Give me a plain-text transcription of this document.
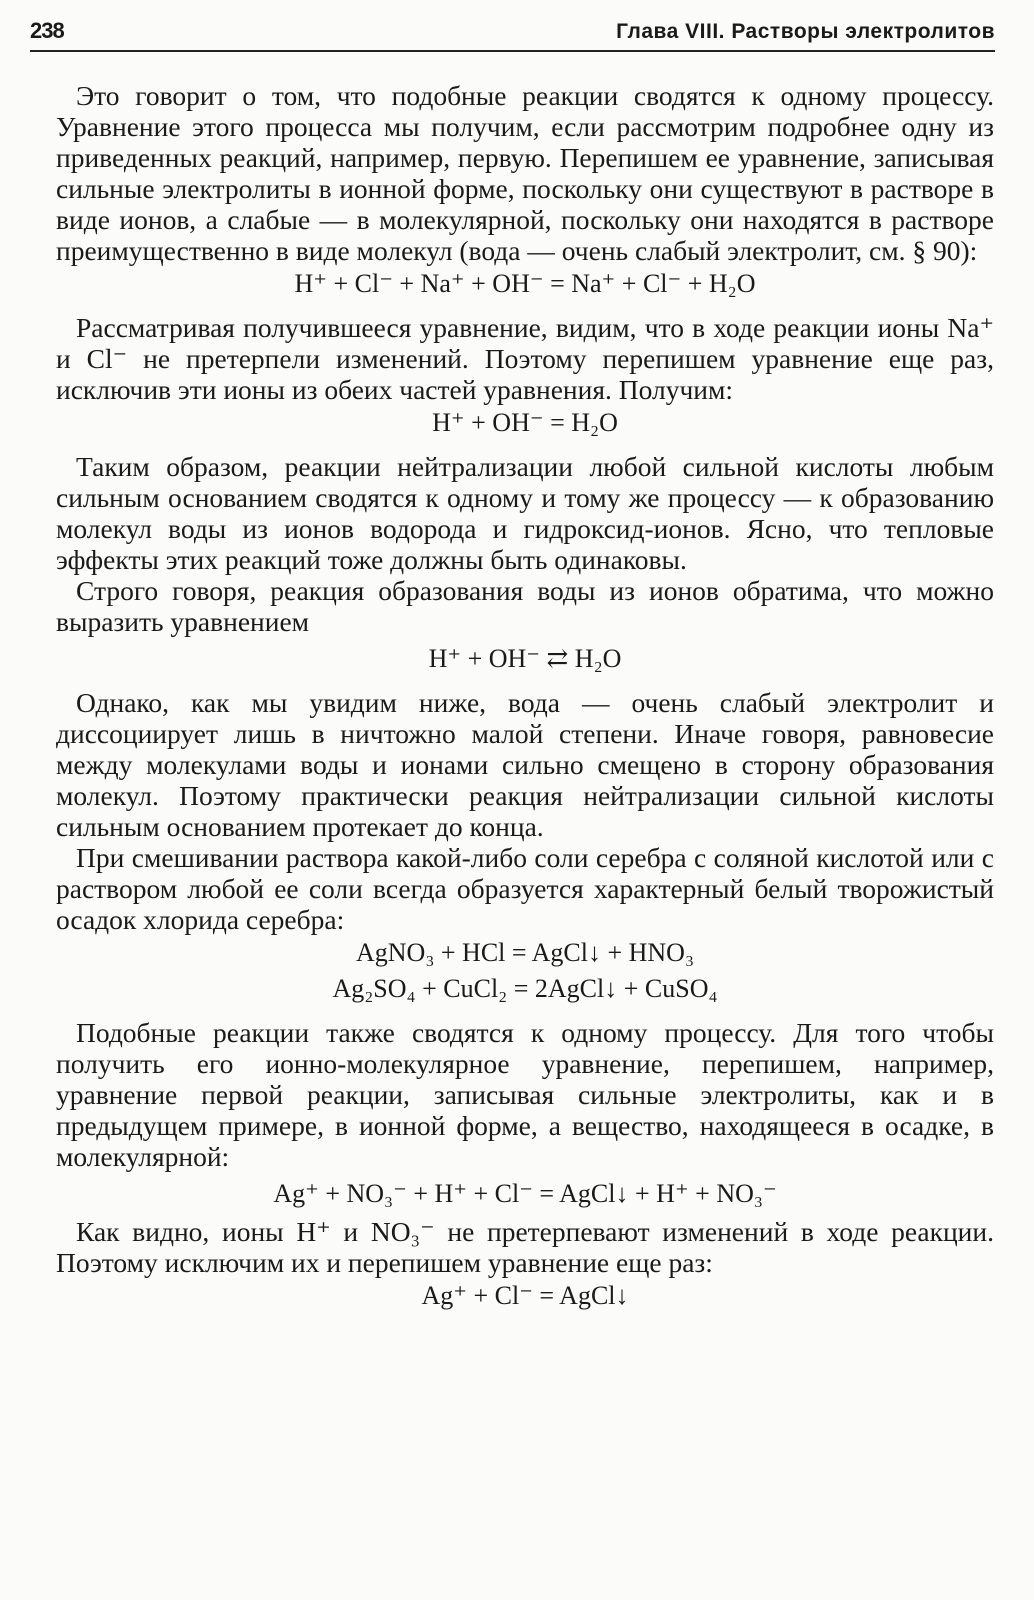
238	Глава VIII. Растворы электролитов

Это говорит о том, что подобные реакции сводятся к одному процессу. Уравнение этого процесса мы получим, если рассмотрим подробнее одну из приведенных реакций, например, первую. Перепишем ее уравнение, записывая сильные электролиты в ионной форме, поскольку они существуют в растворе в виде ионов, а слабые — в молекулярной, поскольку они находятся в растворе преимущественно в виде молекул (вода — очень слабый электролит, см. § 90):

H⁺ + Cl⁻ + Na⁺ + OH⁻ = Na⁺ + Cl⁻ + H₂O

Рассматривая получившееся уравнение, видим, что в ходе реакции ионы Na⁺ и Cl⁻ не претерпели изменений. Поэтому перепишем уравнение еще раз, исключив эти ионы из обеих частей уравнения. Получим:

H⁺ + OH⁻ = H₂O

Таким образом, реакции нейтрализации любой сильной кислоты любым сильным основанием сводятся к одному и тому же процессу — к образованию молекул воды из ионов водорода и гидроксид-ионов. Ясно, что тепловые эффекты этих реакций тоже должны быть одинаковы.

Строго говоря, реакция образования воды из ионов обратима, что можно выразить уравнением

H⁺ + OH⁻ ⇄ H₂O

Однако, как мы увидим ниже, вода — очень слабый электролит и диссоциирует лишь в ничтожно малой степени. Иначе говоря, равновесие между молекулами воды и ионами сильно смещено в сторону образования молекул. Поэтому практически реакция нейтрализации сильной кислоты сильным основанием протекает до конца.

При смешивании раствора какой-либо соли серебра с соляной кислотой или с раствором любой ее соли всегда образуется характерный белый творожистый осадок хлорида серебра:

AgNO₃ + HCl = AgCl↓ + HNO₃

Ag₂SO₄ + CuCl₂ = 2AgCl↓ + CuSO₄

Подобные реакции также сводятся к одному процессу. Для того чтобы получить его ионно-молекулярное уравнение, перепишем, например, уравнение первой реакции, записывая сильные электролиты, как и в предыдущем примере, в ионной форме, а вещество, находящееся в осадке, в молекулярной:

Ag⁺ + NO₃⁻ + H⁺ + Cl⁻ = AgCl↓ + H⁺ + NO₃⁻

Как видно, ионы H⁺ и NO₃⁻ не претерпевают изменений в ходе реакции. Поэтому исключим их и перепишем уравнение еще раз:

Ag⁺ + Cl⁻ = AgCl↓
